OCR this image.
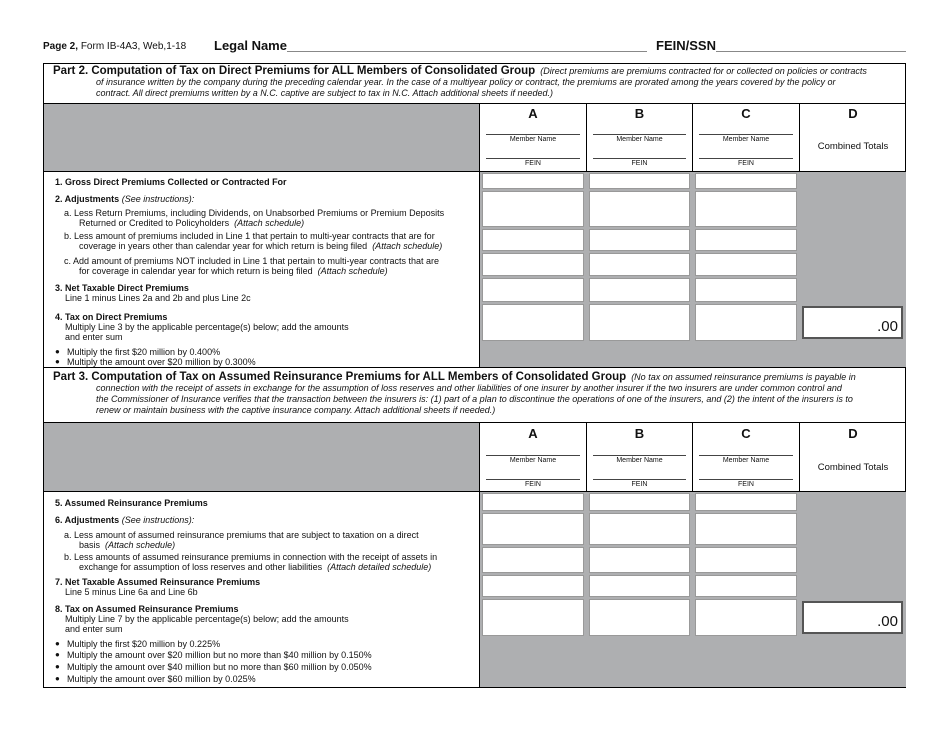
Page 2, Form IB-4A3, Web,1-18 Legal Name	FEIN/SSN
Part 2. Computation of Tax on Direct Premiums for ALL Members of Consolidated Group (Direct premiums are premiums contracted for or collected on policies or contracts
of insurance written by the company during the preceding calendar year. In the case of a multiyear policy or contract, the premiums are prorated among the years covered by the policy or
contract. All direct premiums written by a N.C. captive are subject to tax in N.C. Attach additional sheets if needed.)
A	B	C	D
Member Name	Member Name	Member Name
FEIN	FEIN	FEIN
Combined Totals
.00
1. Gross Direct Premiums Collected or Contracted For
2. Adjustments (See instructions):
a. Less Return Premiums, including Dividends, on Unabsorbed Premiums or Premium Deposits
Returned or Credited to Policyholders (Attach schedule)
b. Less amount of premiums included in Line 1 that pertain to multi-year contracts that are for
coverage in years other than calendar year for which return is being filed (Attach schedule)
c. Add amount of premiums NOT included in Line 1 that pertain to multi-year contracts that are
for coverage in calendar year for which return is being filed (Attach schedule)
3. Net Taxable Direct Premiums
Line 1 minus Lines 2a and 2b and plus Line 2c
4. Tax on Direct Premiums
Multiply Line 3 by the applicable percentage(s) below; add the amounts
and enter sum
● Multiply the first $20 million by 0.400%
● Multiply the amount over $20 million by 0.300%
Part 3. Computation of Tax on Assumed Reinsurance Premiums for ALL Members of Consolidated Group (No tax on assumed reinsurance premiums is payable in
connection with the receipt of assets in exchange for the assumption of loss reserves and other liabilities of one insurer by another insurer if the two insurers are under common control and
the Commissioner of Insurance verifies that the transaction between the insurers is: (1) part of a plan to discontinue the operations of one of the insurers, and (2) the intent of the insurers is to
renew or maintain business with the captive insurance company. Attach additional sheets if needed.)
A	B	C	D
Member Name	Member Name	Member Name
FEIN	FEIN	FEIN
Combined Totals
.00
5. Assumed Reinsurance Premiums
6. Adjustments (See instructions):
a. Less amount of assumed reinsurance premiums that are subject to taxation on a direct
basis (Attach schedule)
b. Less amounts of assumed reinsurance premiums in connection with the receipt of assets in
exchange for assumption of loss reserves and other liabilities (Attach detailed schedule)
7. Net Taxable Assumed Reinsurance Premiums
Line 5 minus Line 6a and Line 6b
8. Tax on Assumed Reinsurance Premiums
Multiply Line 7 by the applicable percentage(s) below; add the amounts
and enter sum
● Multiply the first $20 million by 0.225%
● Multiply the amount over $20 million but no more than $40 million by 0.150%
● Multiply the amount over $40 million but no more than $60 million by 0.050%
● Multiply the amount over $60 million by 0.025%
